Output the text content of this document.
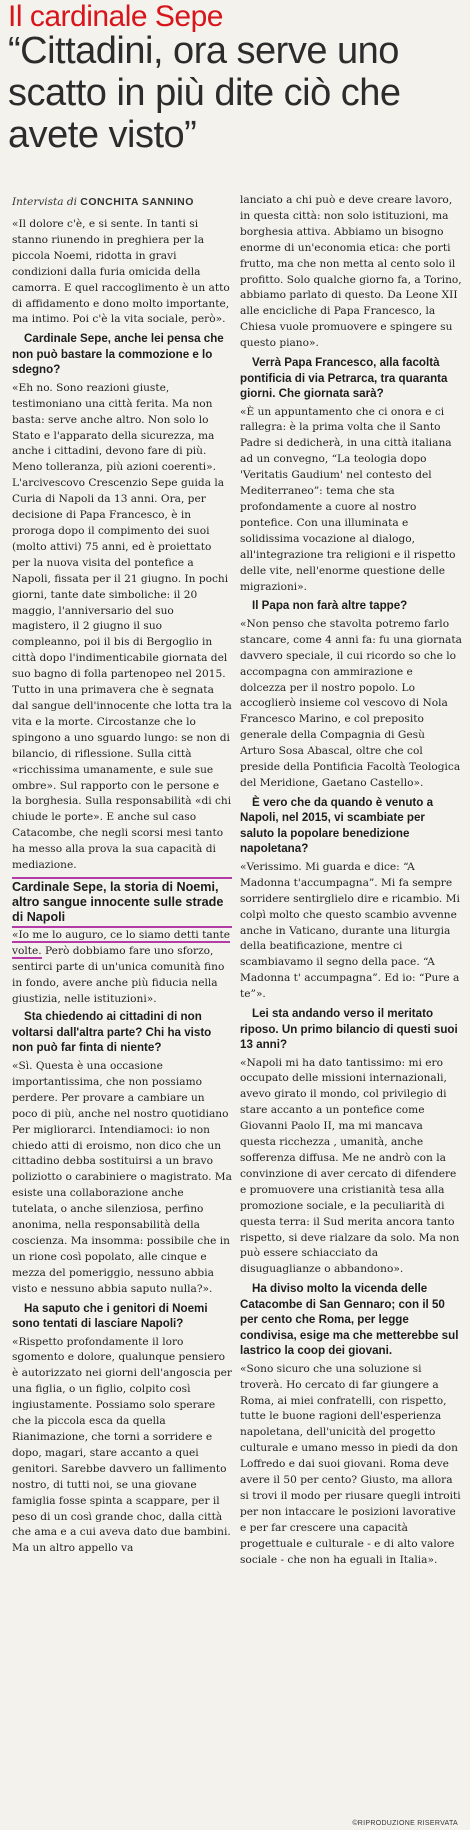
Il cardinale Sepe
“Cittadini, ora serve uno scatto in più dite ciò che avete visto”
Intervista di CONCHITA SANNINO

«Il dolore c'è, e si sente. In tanti si stanno riunendo in preghiera per la piccola Noemi, ridotta in gravi condizioni dalla furia omicida della camorra. E quel raccoglimento è un atto di affidamento e dono molto importante, ma intimo. Poi c'è la vita sociale, però».

Cardinale Sepe, anche lei pensa che non può bastare la commozione e lo sdegno?

«Eh no. Sono reazioni giuste, testimoniano una città ferita. Ma non basta: serve anche altro. Non solo lo Stato e l'apparato della sicurezza, ma anche i cittadini, devono fare di più. Meno tolleranza, più azioni coerenti». L'arcivescovo Crescenzio Sepe guida la Curia di Napoli da 13 anni. Ora, per decisione di Papa Francesco, è in proroga dopo il compimento dei suoi (molto attivi) 75 anni, ed è proiettato per la nuova visita del pontefice a Napoli, fissata per il 21 giugno. In pochi giorni, tante date simboliche: il 20 maggio, l'anniversario del suo magistero, il 2 giugno il suo compleanno, poi il bis di Bergoglio in città dopo l'indimenticabile giornata del suo bagno di folla partenopeo nel 2015. Tutto in una primavera che è segnata dal sangue dell'innocente che lotta tra la vita e la morte. Circostanze che lo spingono a uno sguardo lungo: se non di bilancio, di riflessione. Sulla città «ricchissima umanamente, e sule sue ombre». Sul rapporto con le persone e la borghesia. Sulla responsabilità «di chi chiude le porte». E anche sul caso Catacombe, che negli scorsi mesi tanto ha messo alla prova la sua capacità di mediazione.

Cardinale Sepe, la storia di Noemi, altro sangue innocente sulle strade di Napoli
«Io me lo auguro, ce lo siamo detti tante volte. Però dobbiamo fare uno sforzo, sentirci parte di un'unica comunità fino in fondo, avere anche più fiducia nella giustizia, nelle istituzioni».

Sta chiedendo ai cittadini di non voltarsi dall'altra parte? Chi ha visto non può far finta di niente?

«Sì. Questa è una occasione importantissima, che non possiamo perdere. Per provare a cambiare un poco di più, anche nel nostro quotidiano Per migliorarci. Intendiamoci: io non chiedo atti di eroismo, non dico che un cittadino debba sostituirsi a un bravo poliziotto o carabiniere o magistrato. Ma esiste una collaborazione anche tutelata, o anche silenziosa, perfino anonima, nella responsabilità della coscienza. Ma insomma: possibile che in un rione così popolato, alle cinque e mezza del pomeriggio, nessuno abbia visto e nessuno abbia saputo nulla?».

Ha saputo che i genitori di Noemi sono tentati di lasciare Napoli?

«Rispetto profondamente il loro sgomento e dolore, qualunque pensiero è autorizzato nei giorni dell'angoscia per una figlia, o un figlio, colpito così ingiustamente. Possiamo solo sperare che la piccola esca da quella Rianimazione, che torni a sorridere e dopo, magari, stare accanto a quei genitori. Sarebbe davvero un fallimento nostro, di tutti noi, se una giovane famiglia fosse spinta a scappare, per il peso di un così grande choc, dalla città che ama e a cui aveva dato due bambini. Ma un altro appello va

lanciato a chi può e deve creare lavoro, in questa città: non solo istituzioni, ma borghesia attiva. Abbiamo un bisogno enorme di un'economia etica: che porti frutto, ma che non metta al cento solo il profitto. Solo qualche giorno fa, a Torino, abbiamo parlato di questo. Da Leone XII alle encicliche di Papa Francesco, la Chiesa vuole promuovere e spingere su questo piano».

Verrà Papa Francesco, alla facoltà pontificia di via Petrarca, tra quaranta giorni. Che giornata sarà?

«È un appuntamento che ci onora e ci rallegra: è la prima volta che il Santo Padre si dedicherà, in una città italiana ad un convegno, “La teologia dopo 'Veritatis Gaudium' nel contesto del Mediterraneo”: tema che sta profondamente a cuore al nostro pontefice. Con una illuminata e solidissima vocazione al dialogo, all'integrazione tra religioni e il rispetto delle vite, nell'enorme questione delle migrazioni».

Il Papa non farà altre tappe?

«Non penso che stavolta potremo farlo stancare, come 4 anni fa: fu una giornata davvero speciale, il cui ricordo so che lo accompagna con ammirazione e dolcezza per il nostro popolo. Lo accoglierò insieme col vescovo di Nola Francesco Marino, e col preposito generale della Compagnia di Gesù Arturo Sosa Abascal, oltre che col preside della Pontificia Facoltà Teologica del Meridione, Gaetano Castello».

È vero che da quando è venuto a Napoli, nel 2015, vi scambiate per saluto la popolare benedizione napoletana?

«Verissimo. Mi guarda e dice: “A Madonna t'accumpagna”. Mi fa sempre sorridere sentirglielo dire e ricambio. Mi colpì molto che questo scambio avvenne anche in Vaticano, durante una liturgia della beatificazione, mentre ci scambiavamo il segno della pace. “A Madonna t' accumpagna”. Ed io: “Pure a te”».

Lei sta andando verso il meritato riposo. Un primo bilancio di questi suoi 13 anni?

«Napoli mi ha dato tantissimo: mi ero occupato delle missioni internazionali, avevo girato il mondo, col privilegio di stare accanto a un pontefice come Giovanni Paolo II, ma mi mancava questa ricchezza , umanità, anche sofferenza diffusa. Me ne andrò con la convinzione di aver cercato di difendere e promuovere una cristianità tesa alla promozione sociale, e la peculiarità di questa terra: il Sud merita ancora tanto rispetto, si deve rialzare da solo. Ma non può essere schiacciato da disuguaglianze o abbandono».

Ha diviso molto la vicenda delle Catacombe di San Gennaro; con il 50 per cento che Roma, per legge condivisa, esige ma che metterebbe sul lastrico la coop dei giovani.

«Sono sicuro che una soluzione si troverà. Ho cercato di far giungere a Roma, ai miei confratelli, con rispetto, tutte le buone ragioni dell'esperienza napoletana, dell'unicità del progetto culturale e umano messo in piedi da don Loffredo e dai suoi giovani. Roma deve avere il 50 per cento? Giusto, ma allora si trovi il modo per riusare quegli introiti per non intaccare le posizioni lavorative e per far crescere una capacità progettuale e culturale - e di alto valore sociale - che non ha eguali in Italia».

©RIPRODUZIONE RISERVATA
